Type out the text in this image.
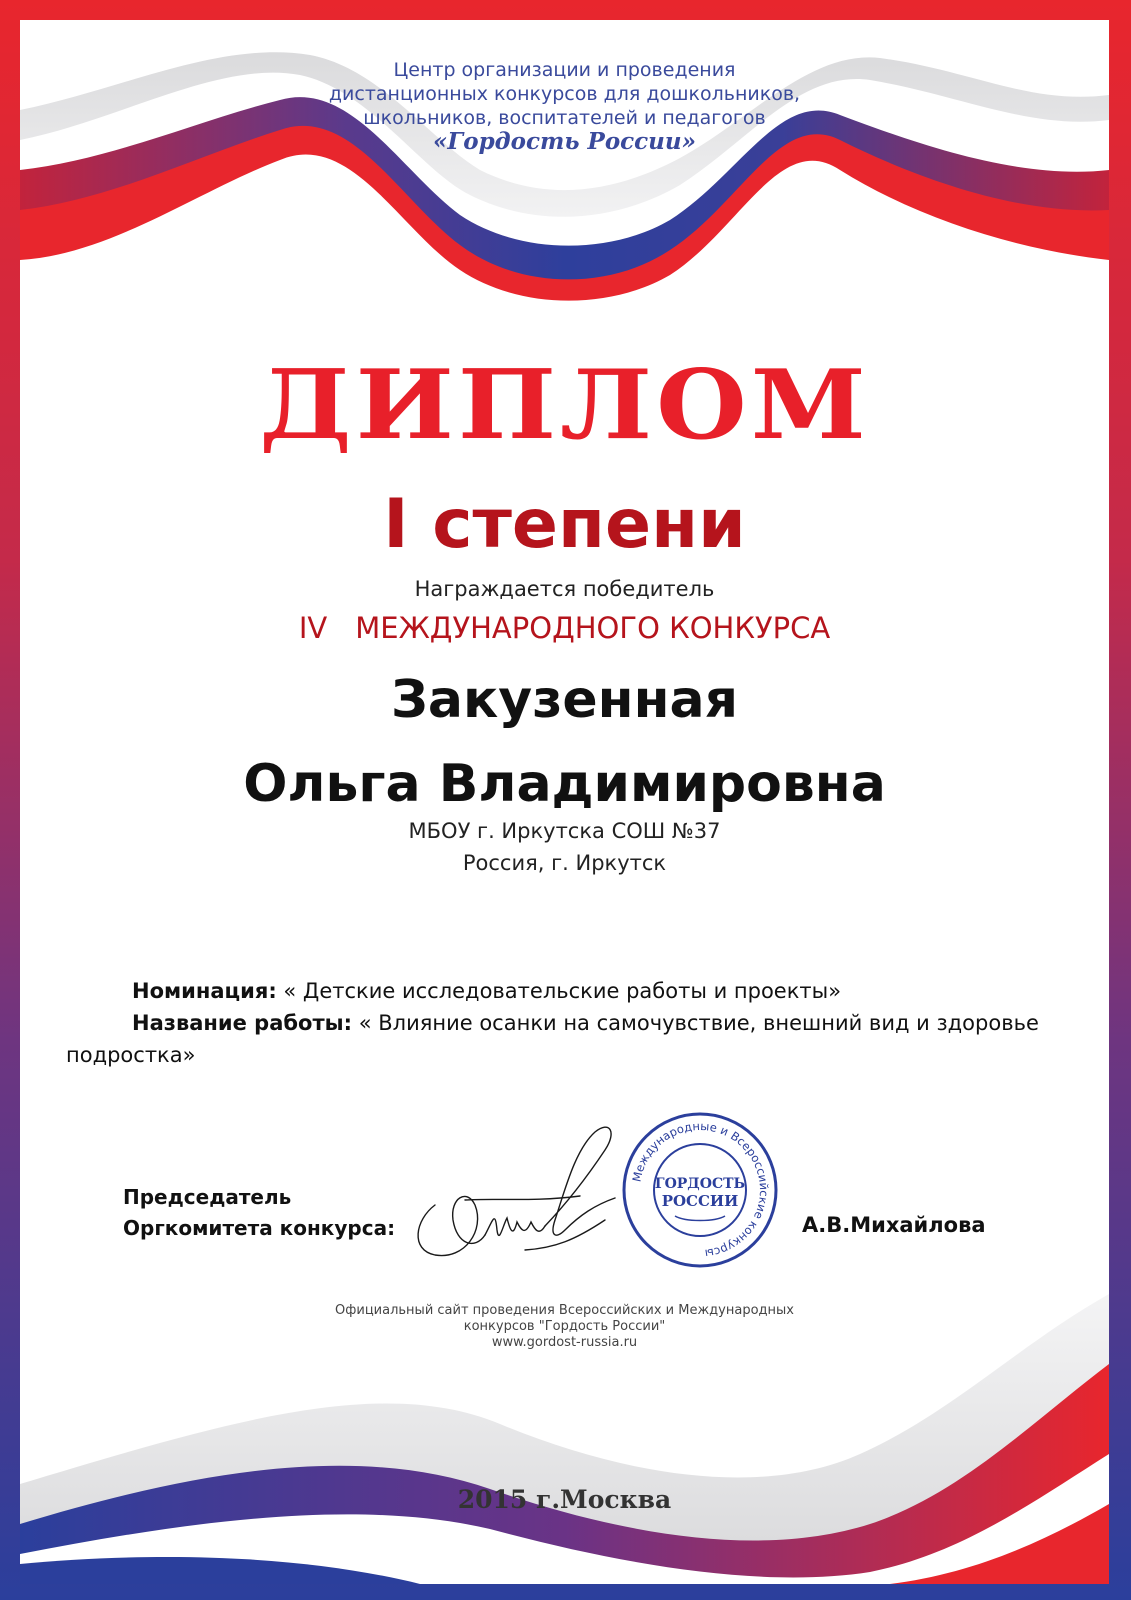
Центр организации и проведения
дистанционных конкурсов для дошкольников,
школьников, воспитателей и педагогов
«Гордость России»
ДИПЛОМ
I степени
Награждается победитель
ⅠV МЕЖДУНАРОДНОГО КОНКУРСА
Закузенная
Ольга Владимировна
МБОУ г. Иркутска СОШ №37
Россия, г. Иркутск
Номинация: « Детские исследовательские работы и проекты»
Название работы: « Влияние осанки на самочувствие, внешний вид и здоровье подростка»
Председатель
Оргкомитета конкурса:
Международные и Всероссийские конкурсы
ГОРДОСТЬ
РОССИИ
А.В.Михайлова
Официальный сайт проведения Всероссийских и Международных
конкурсов "Гордость России"
www.gordost-russia.ru
2015 г.Москва
